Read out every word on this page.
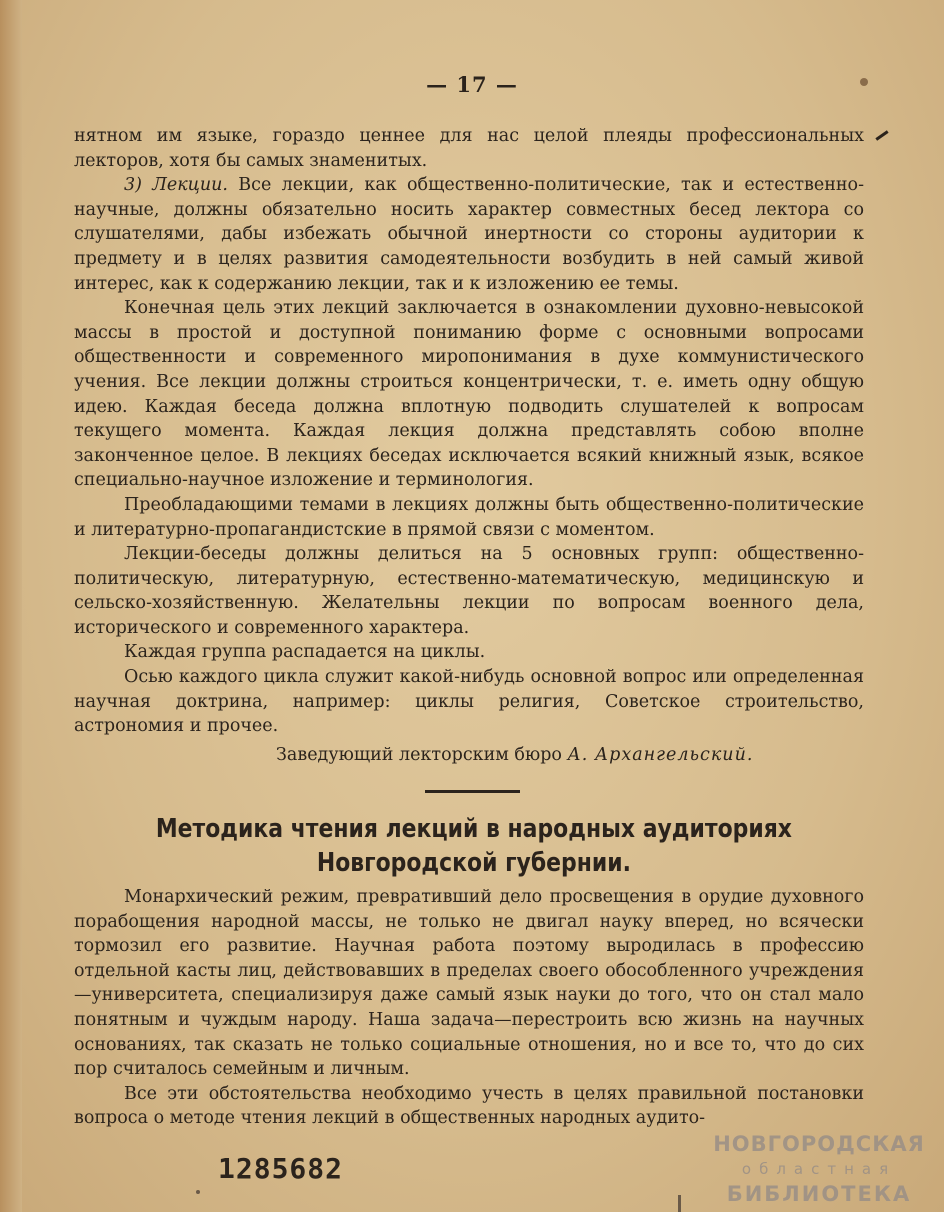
— 17 —

нятном им языке, гораздо ценнее для нас целой плеяды профессиональных лекторов, хотя бы самых знаменитых.

3) Лекции. Все лекции, как общественно-политические, так и естественно-научные, должны обязательно носить характер совместных бесед лектора со слушателями, дабы избежать обычной инертности со стороны аудитории к предмету и в целях развития самодеятельности возбудить в ней самый живой интерес, как к содержанию лекции, так и к изложению ее темы.

Конечная цель этих лекций заключается в ознакомлении духовно-невысокой массы в простой и доступной пониманию форме с основными вопросами общественности и современного миропонимания в духе коммунистического учения. Все лекции должны строиться концентрически, т. е. иметь одну общую идею. Каждая беседа должна вплотную подводить слушателей к вопросам текущего момента. Каждая лекция должна представлять собою вполне законченное целое. В лекциях беседах исключается всякий книжный язык, всякое специально-научное изложение и терминология.

Преобладающими темами в лекциях должны быть общественно-политические и литературно-пропагандистские в прямой связи с моментом.

Лекции-беседы должны делиться на 5 основных групп: общественно-политическую, литературную, естественно-математическую, медицинскую и сельско-хозяйственную. Желательны лекции по вопросам военного дела, исторического и современного характера.

Каждая группа распадается на циклы.

Осью каждого цикла служит какой-нибудь основной вопрос или определенная научная доктрина, например: циклы религия, Советское строительство, астрономия и прочее.

Заведующий лекторским бюро А. Архангельский.
Методика чтения лекций в народных аудиториях Новгородской губернии.

Монархический режим, превративший дело просвещения в орудие духовного порабощения народной массы, не только не двигал науку вперед, но всячески тормозил его развитие. Научная работа поэтому выродилась в профессию отдельной касты лиц, действовавших в пределах своего обособленного учреждения—университета, специализируя даже самый язык науки до того, что он стал мало понятным и чуждым народу. Наша задача—перестроить всю жизнь на научных основаниях, так сказать не только социальные отношения, но и все то, что до сих пор считалось семейным и личным.

Все эти обстоятельства необходимо учесть в целях правильной постановки вопроса о методе чтения лекций в общественных народных аудито-

1285682
НОВГОРОДСКАЯ
областная
БИБЛИОТЕКА
